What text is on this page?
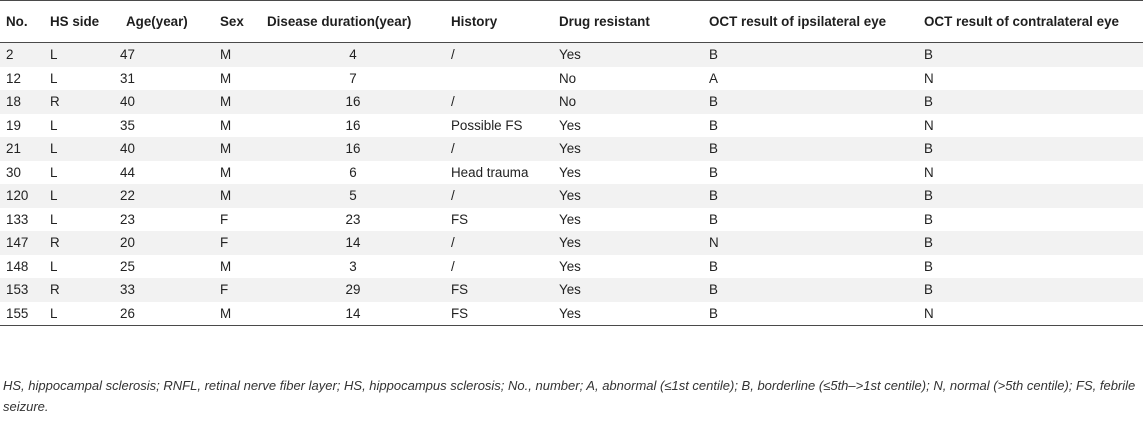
No.	HS side	Age(year)	Sex	Disease duration(year)	History	Drug resistant	OCT result of ipsilateral eye	OCT result of contralateral eye
2	L	47	M	4	/	Yes	B	B
12	L	31	M	7		No	A	N
18	R	40	M	16	/	No	B	B
19	L	35	M	16	Possible FS	Yes	B	N
21	L	40	M	16	/	Yes	B	B
30	L	44	M	6	Head trauma	Yes	B	N
120	L	22	M	5	/	Yes	B	B
133	L	23	F	23	FS	Yes	B	B
147	R	20	F	14	/	Yes	N	B
148	L	25	M	3	/	Yes	B	B
153	R	33	F	29	FS	Yes	B	B
155	L	26	M	14	FS	Yes	B	N
HS, hippocampal sclerosis; RNFL, retinal nerve fiber layer; HS, hippocampus sclerosis; No., number; A, abnormal (≤1st centile); B, borderline (≤5th–>1st centile); N, normal (>5th centile); FS, febrile seizure.
